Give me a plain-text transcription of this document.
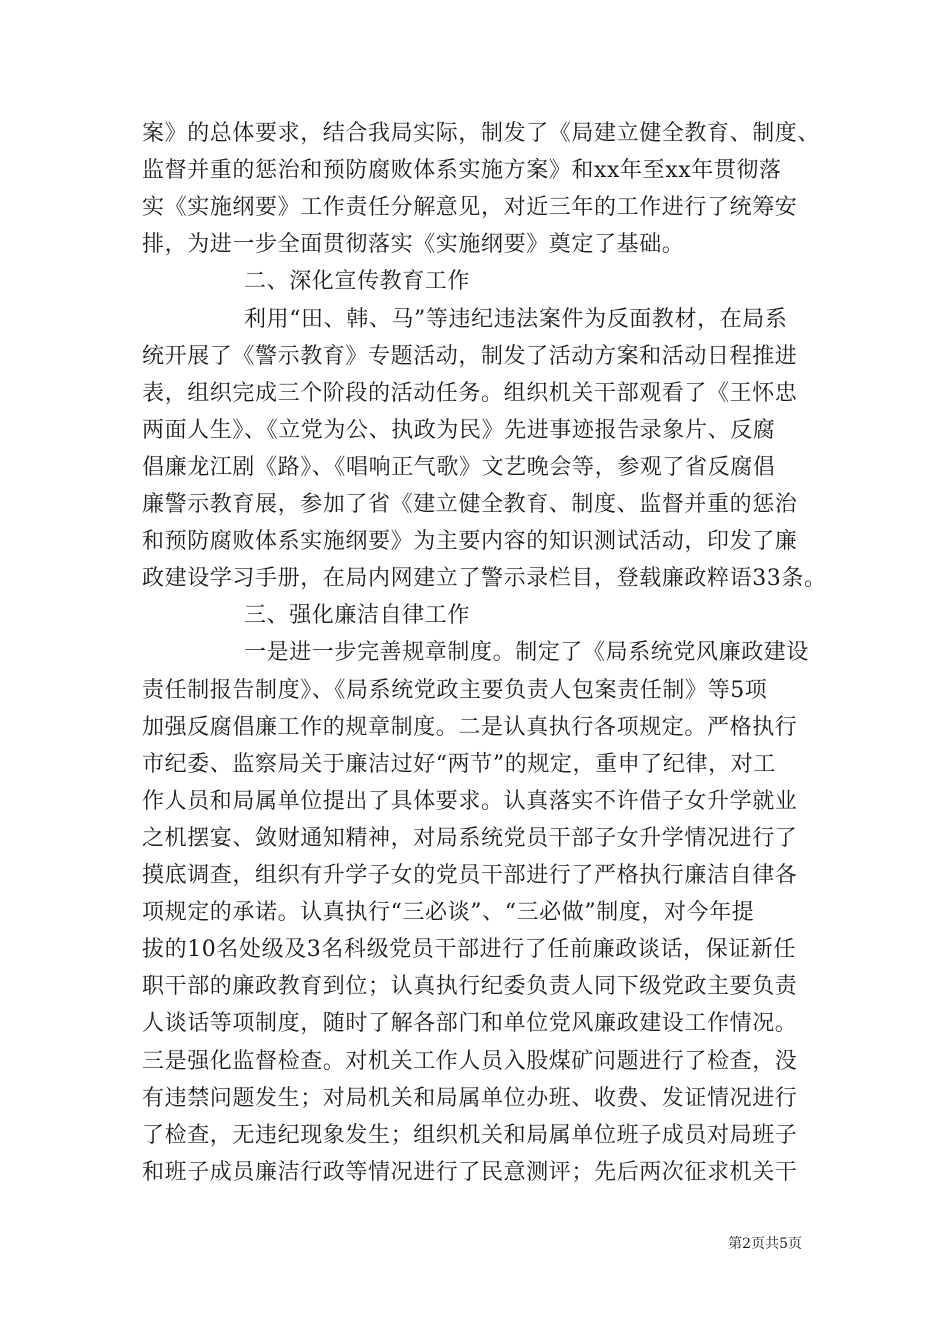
案》的总体要求，结合我局实际，制发了《局建立健全教育、制度、
监督并重的惩治和预防腐败体系实施方案》和xx年至xx年贯彻落
实《实施纲要》工作责任分解意见，对近三年的工作进行了统筹安
排，为进一步全面贯彻落实《实施纲要》奠定了基础。
二、深化宣传教育工作
利用“田、韩、马”等违纪违法案件为反面教材，在局系
统开展了《警示教育》专题活动，制发了活动方案和活动日程推进
表，组织完成三个阶段的活动任务。组织机关干部观看了《王怀忠
两面人生》、《立党为公、执政为民》先进事迹报告录象片、反腐
倡廉龙江剧《路》、《唱响正气歌》文艺晚会等，参观了省反腐倡
廉警示教育展，参加了省《建立健全教育、制度、监督并重的惩治
和预防腐败体系实施纲要》为主要内容的知识测试活动，印发了廉
政建设学习手册，在局内网建立了警示录栏目，登载廉政粹语33条。
三、强化廉洁自律工作
一是进一步完善规章制度。制定了《局系统党风廉政建设
责任制报告制度》、《局系统党政主要负责人包案责任制》等5项
加强反腐倡廉工作的规章制度。二是认真执行各项规定。严格执行
市纪委、监察局关于廉洁过好“两节”的规定，重申了纪律，对工
作人员和局属单位提出了具体要求。认真落实不许借子女升学就业
之机摆宴、敛财通知精神，对局系统党员干部子女升学情况进行了
摸底调查，组织有升学子女的党员干部进行了严格执行廉洁自律各
项规定的承诺。认真执行“三必谈”、“三必做”制度，对今年提
拔的10名处级及3名科级党员干部进行了任前廉政谈话，保证新任
职干部的廉政教育到位；认真执行纪委负责人同下级党政主要负责
人谈话等项制度，随时了解各部门和单位党风廉政建设工作情况。
三是强化监督检查。对机关工作人员入股煤矿问题进行了检查，没
有违禁问题发生；对局机关和局属单位办班、收费、发证情况进行
了检查，无违纪现象发生；组织机关和局属单位班子成员对局班子
和班子成员廉洁行政等情况进行了民意测评；先后两次征求机关干
第2页共5页
